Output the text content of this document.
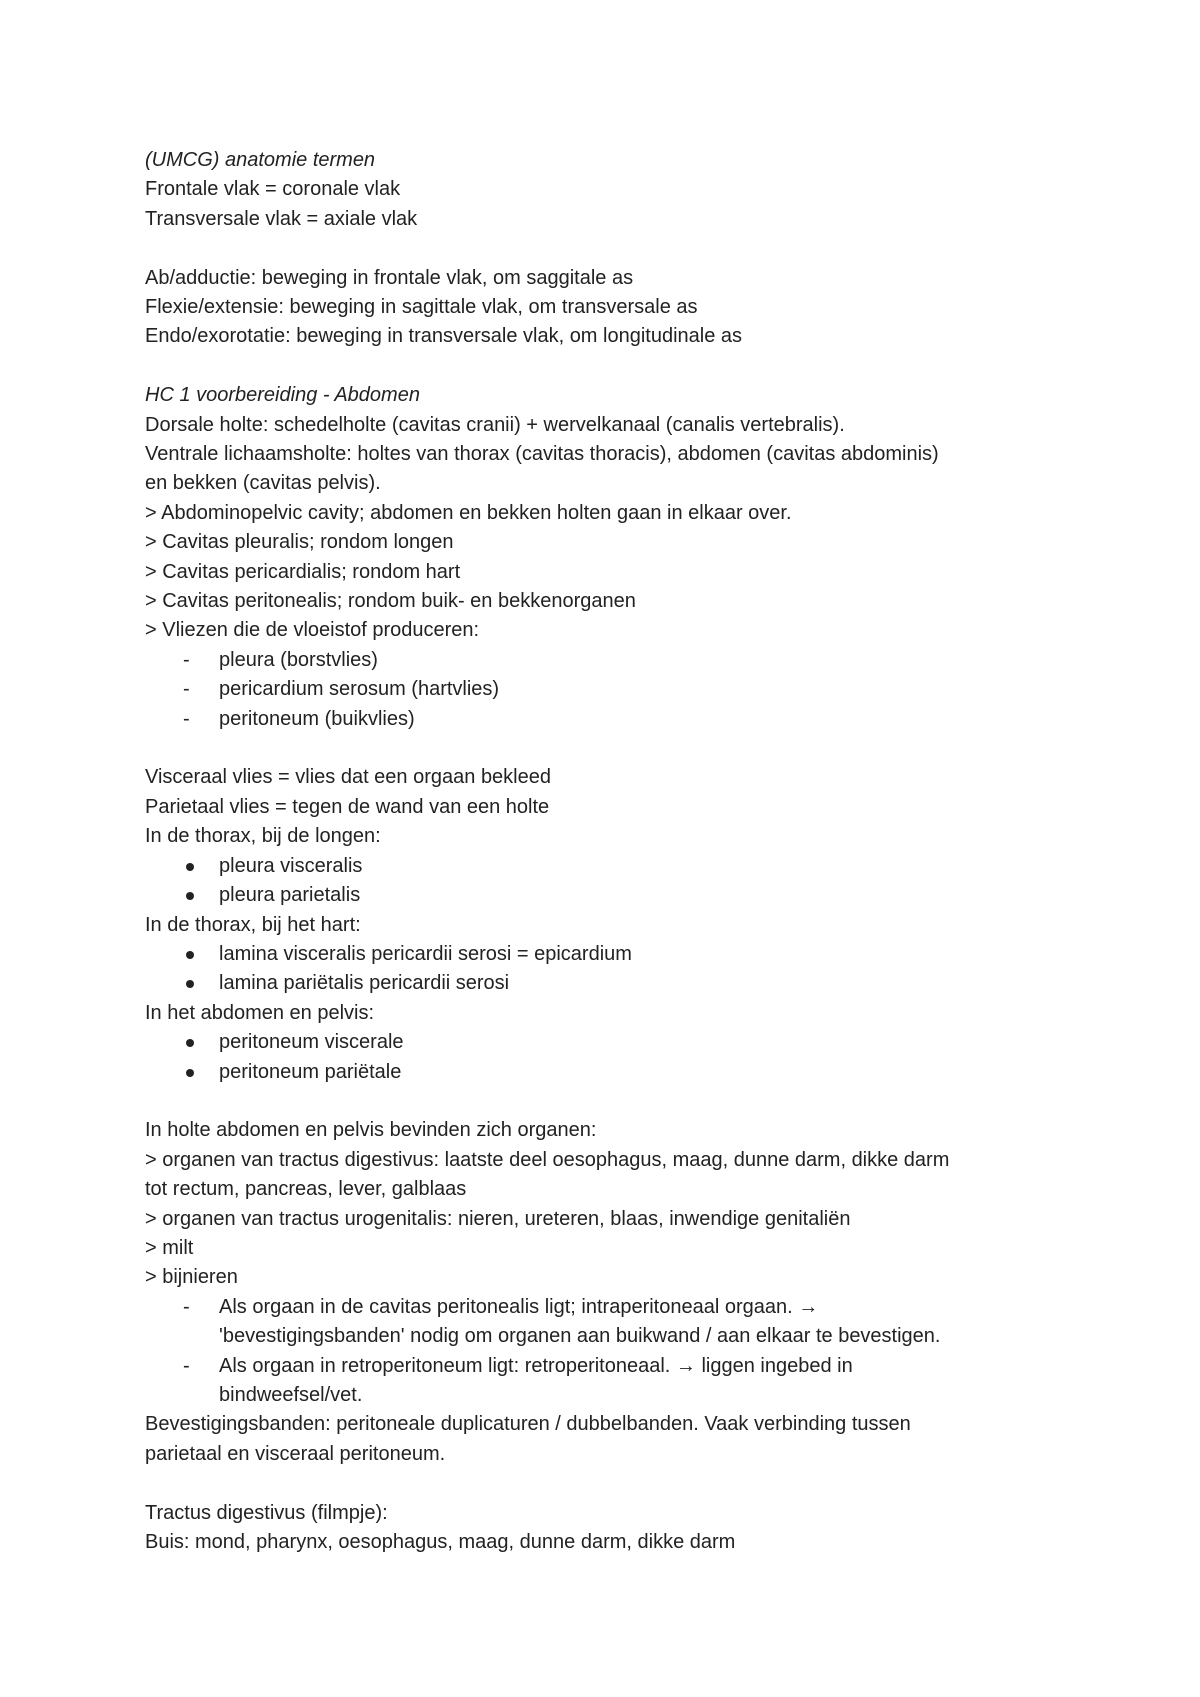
(UMCG) anatomie termen
Frontale vlak = coronale vlak
Transversale vlak = axiale vlak
Ab/adductie: beweging in frontale vlak, om saggitale as
Flexie/extensie: beweging in sagittale vlak, om transversale as
Endo/exorotatie: beweging in transversale vlak, om longitudinale as
HC 1 voorbereiding - Abdomen
Dorsale holte: schedelholte (cavitas cranii) + wervelkanaal (canalis vertebralis).
Ventrale lichaamsholte: holtes van thorax (cavitas thoracis), abdomen (cavitas abdominis)
en bekken (cavitas pelvis).
> Abdominopelvic cavity; abdomen en bekken holten gaan in elkaar over.
> Cavitas pleuralis; rondom longen
> Cavitas pericardialis; rondom hart
> Cavitas peritonealis; rondom buik- en bekkenorganen
> Vliezen die de vloeistof produceren:
- pleura (borstvlies)
- pericardium serosum (hartvlies)
- peritoneum (buikvlies)
Visceraal vlies = vlies dat een orgaan bekleed
Parietaal vlies = tegen de wand van een holte
In de thorax, bij de longen:
pleura visceralis
pleura parietalis
In de thorax, bij het hart:
lamina visceralis pericardii serosi = epicardium
lamina pariëtalis pericardii serosi
In het abdomen en pelvis:
peritoneum viscerale
peritoneum pariëtale
In holte abdomen en pelvis bevinden zich organen:
> organen van tractus digestivus: laatste deel oesophagus, maag, dunne darm, dikke darm
tot rectum, pancreas, lever, galblaas
> organen van tractus urogenitalis: nieren, ureteren, blaas, inwendige genitaliën
> milt
> bijnieren
- Als orgaan in de cavitas peritonealis ligt; intraperitoneaal orgaan. →
'bevestigingsbanden' nodig om organen aan buikwand / aan elkaar te bevestigen.
- Als orgaan in retroperitoneum ligt: retroperitoneaal. → liggen ingebed in
bindweefsel/vet.
Bevestigingsbanden: peritoneale duplicaturen / dubbelbanden. Vaak verbinding tussen
parietaal en visceraal peritoneum.
Tractus digestivus (filmpje):
Buis: mond, pharynx, oesophagus, maag, dunne darm, dikke darm
